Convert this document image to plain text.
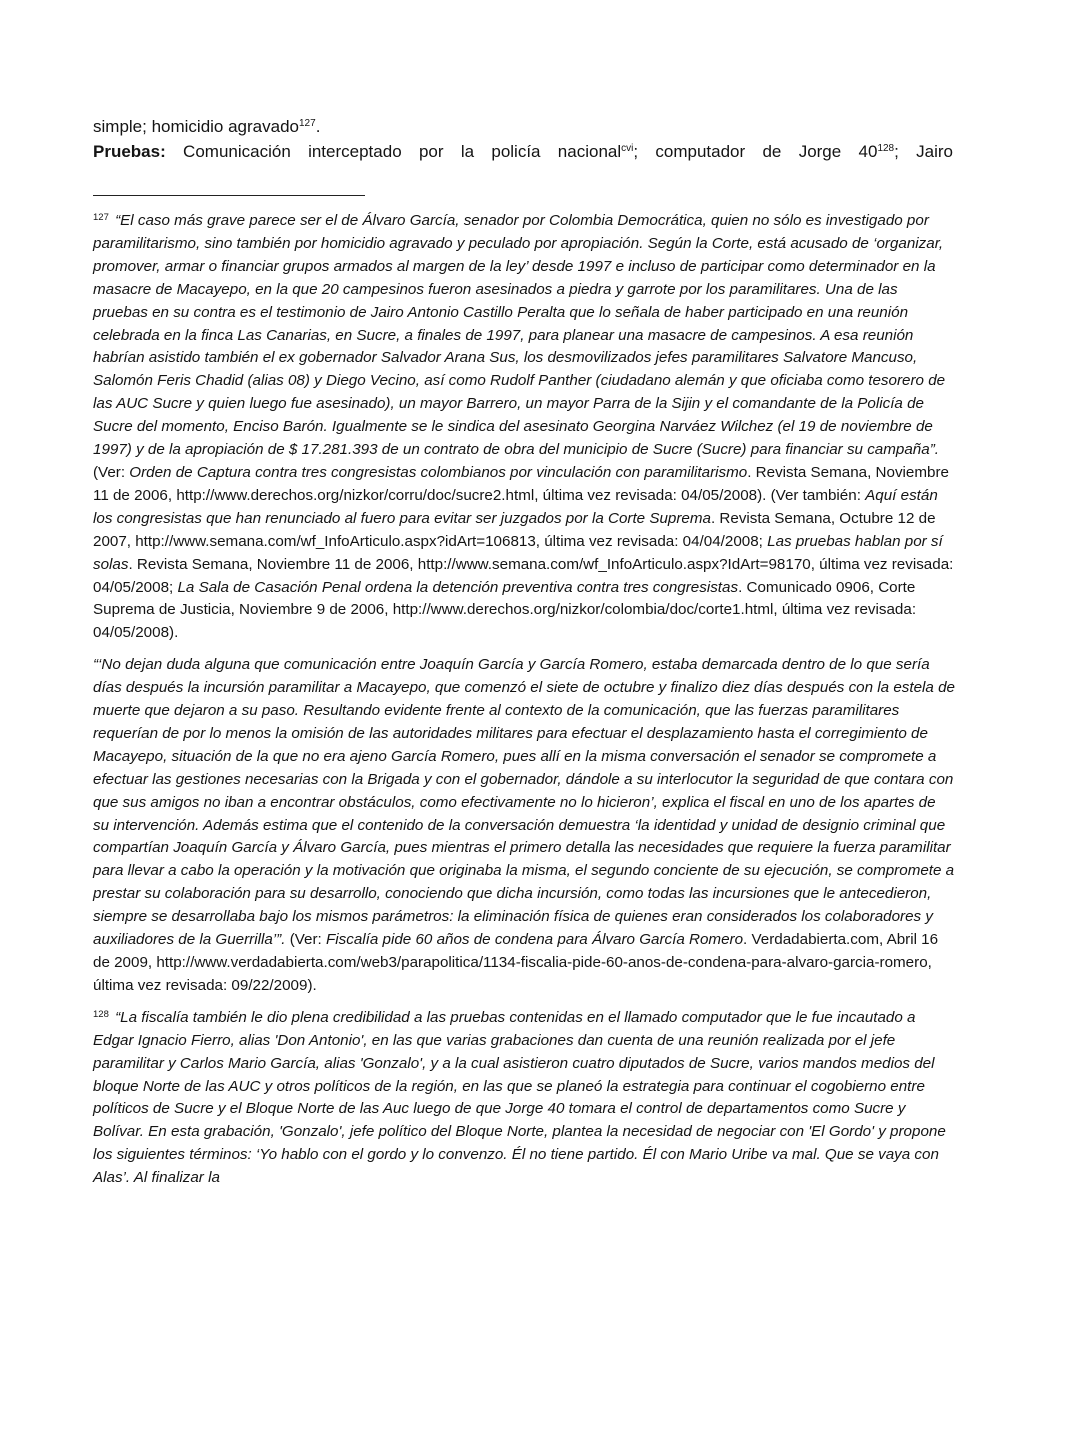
simple; homicidio agravado$^{127}$.

Pruebas: Comunicación interceptado por la policía nacional$^{cvi}$; computador de Jorge $40^{128}$; Jairo

$^{127}$ “El caso más grave parece ser el de Álvaro García, senador por Colombia Democrática, quien no sólo es investigado por paramilitarismo, sino también por homicidio agravado y peculado por apropiación. Según la Corte, está acusado de ‘organizar, promover, armar o financiar grupos armados al margen de la ley’ desde 1997 e incluso de participar como determinador en la masacre de Macayepo, en la que 20 campesinos fueron asesinados a piedra y garrote por los paramilitares. Una de las pruebas en su contra es el testimonio de Jairo Antonio Castillo Peralta que lo señala de haber participado en una reunión celebrada en la finca Las Canarias, en Sucre, a finales de 1997, para planear una masacre de campesinos. A esa reunión habrían asistido también el ex gobernador Salvador Arana Sus, los desmovilizados jefes paramilitares Salvatore Mancuso, Salomón Feris Chadid (alias 08) y Diego Vecino, así como Rudolf Panther (ciudadano alemán y que oficiaba como tesorero de las AUC Sucre y quien luego fue asesinado), un mayor Barrero, un mayor Parra de la Sijin y el comandante de la Policía de Sucre del momento, Enciso Barón. Igualmente se le sindica del asesinato Georgina Narváez Wilchez (el 19 de noviembre de 1997) y de la apropiación de $ 17.281.393 de un contrato de obra del municipio de Sucre (Sucre) para financiar su campaña”. (Ver: Orden de Captura contra tres congresistas colombianos por vinculación con paramilitarismo. Revista Semana, Noviembre 11 de 2006, http://www.derechos.org/nizkor/corru/doc/sucre2.html, última vez revisada: 04/05/2008). (Ver también: Aquí están los congresistas que han renunciado al fuero para evitar ser juzgados por la Corte Suprema. Revista Semana, Octubre 12 de 2007, http://www.semana.com/wf_InfoArticulo.aspx?idArt=106813, última vez revisada: 04/04/2008; Las pruebas hablan por sí solas. Revista Semana, Noviembre 11 de 2006, http://www.semana.com/wf_InfoArticulo.aspx?IdArt=98170, última vez revisada: 04/05/2008; La Sala de Casación Penal ordena la detención preventiva contra tres congresistas. Comunicado 0906, Corte Suprema de Justicia, Noviembre 9 de 2006, http://www.derechos.org/nizkor/colombia/doc/corte1.html, última vez revisada: 04/05/2008).

“‘No dejan duda alguna que comunicación entre Joaquín García y García Romero, estaba demarcada dentro de lo que sería días después la incursión paramilitar a Macayepo, que comenzó el siete de octubre y finalizo diez días después con la estela de muerte que dejaron a su paso. Resultando evidente frente al contexto de la comunicación, que las fuerzas paramilitares requerían de por lo menos la omisión de las autoridades militares para efectuar el desplazamiento hasta el corregimiento de Macayepo, situación de la que no era ajeno García Romero, pues allí en la misma conversación el senador se compromete a efectuar las gestiones necesarias con la Brigada y con el gobernador, dándole a su interlocutor la seguridad de que contara con que sus amigos no iban a encontrar obstáculos, como efectivamente no lo hicieron’, explica el fiscal en uno de los apartes de su intervención. Además estima que el contenido de la conversación demuestra ‘la identidad y unidad de designio criminal que compartían Joaquín García y Álvaro García, pues mientras el primero detalla las necesidades que requiere la fuerza paramilitar para llevar a cabo la operación y la motivación que originaba la misma, el segundo conciente de su ejecución, se compromete a prestar su colaboración para su desarrollo, conociendo que dicha incursión, como todas las incursiones que le antecedieron, siempre se desarrollaba bajo los mismos parámetros: la eliminación física de quienes eran considerados los colaboradores y auxiliadores de la Guerrilla’”. (Ver: Fiscalía pide 60 años de condena para Álvaro García Romero. Verdadabierta.com, Abril 16 de 2009, http://www.verdadabierta.com/web3/parapolitica/1134-fiscalia-pide-60-anos-de-condena-para-alvaro-garcia-romero, última vez revisada: 09/22/2009).

$^{128}$ “La fiscalía también le dio plena credibilidad a las pruebas contenidas en el llamado computador que le fue incautado a Edgar Ignacio Fierro, alias 'Don Antonio', en las que varias grabaciones dan cuenta de una reunión realizada por el jefe paramilitar y Carlos Mario García, alias 'Gonzalo', y a la cual asistieron cuatro diputados de Sucre, varios mandos medios del bloque Norte de las AUC y otros políticos de la región, en las que se planeó la estrategia para continuar el cogobierno entre políticos de Sucre y el Bloque Norte de las Auc luego de que Jorge 40 tomara el control de departamentos como Sucre y Bolívar. En esta grabación, 'Gonzalo', jefe político del Bloque Norte, plantea la necesidad de negociar con 'El Gordo' y propone los siguientes términos: ‘Yo hablo con el gordo y lo convenzo. Él no tiene partido. Él con Mario Uribe va mal. Que se vaya con Alas’. Al finalizar la
